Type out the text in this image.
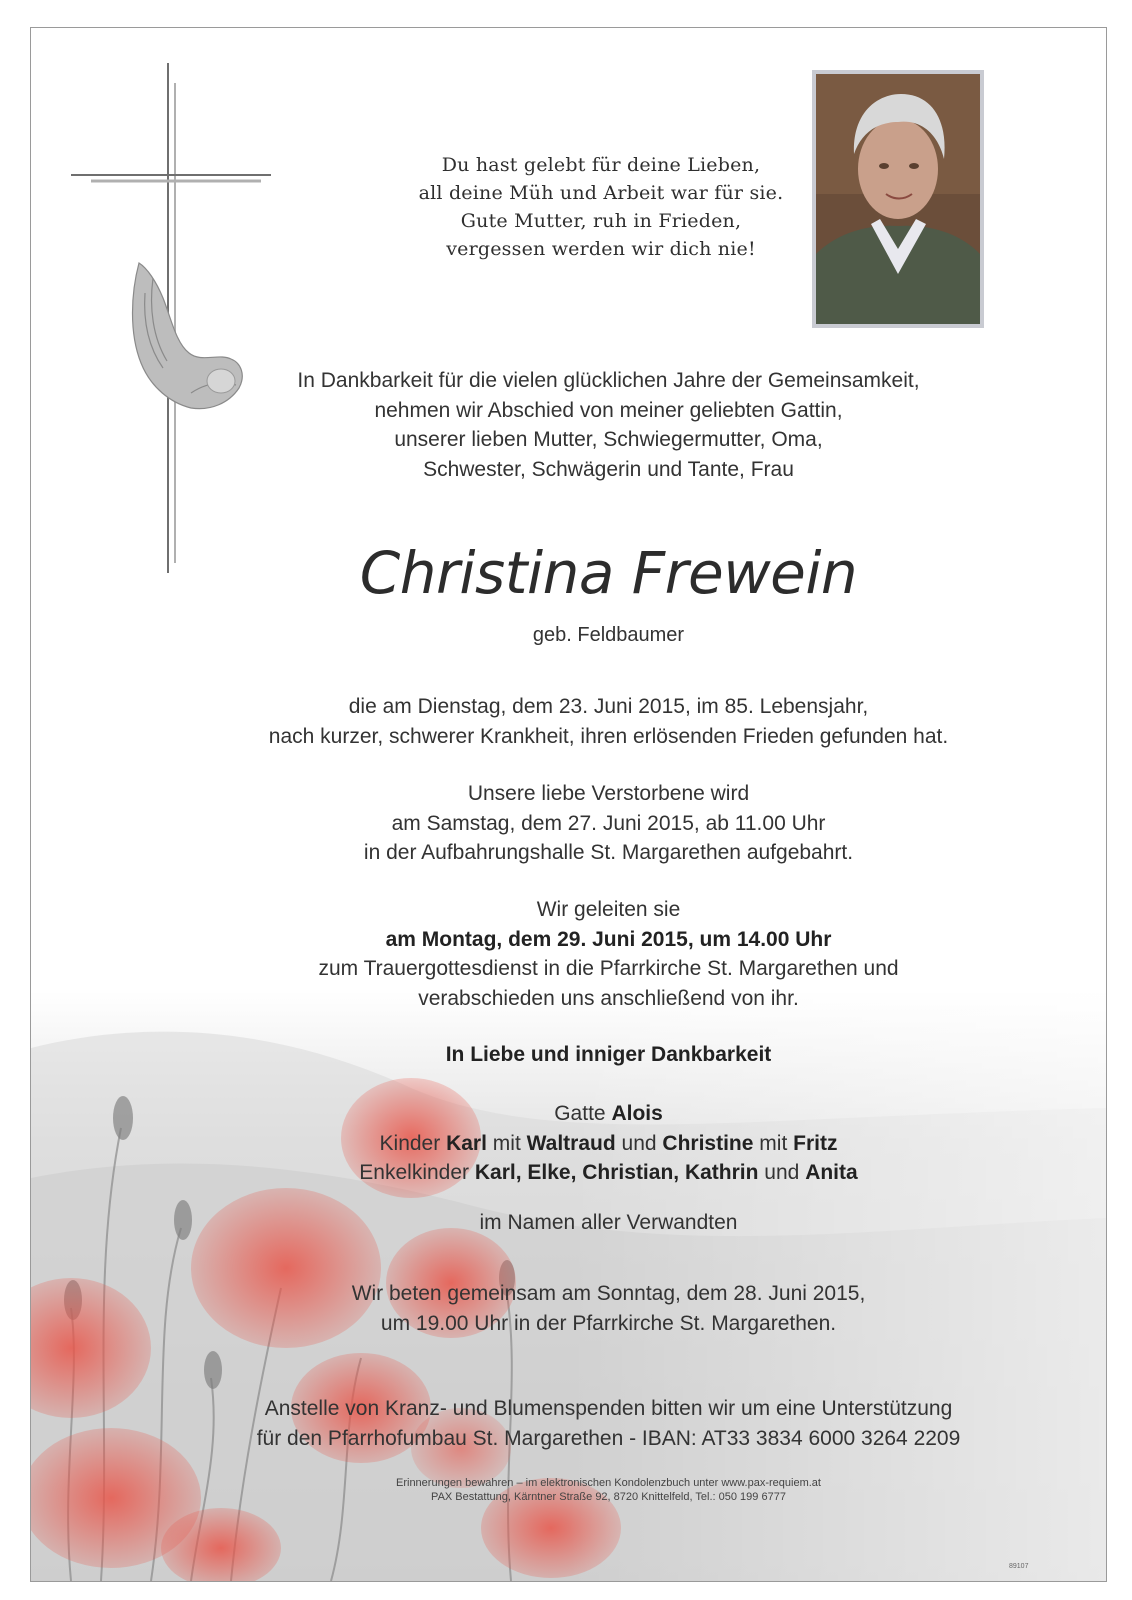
Du hast gelebt für deine Lieben,
all deine Müh und Arbeit war für sie.
Gute Mutter, ruh in Frieden,
vergessen werden wir dich nie!
In Dankbarkeit für die vielen glücklichen Jahre der Gemeinsamkeit,
nehmen wir Abschied von meiner geliebten Gattin,
unserer lieben Mutter, Schwiegermutter, Oma,
Schwester, Schwägerin und Tante, Frau
Christina Frewein
geb. Feldbaumer
die am Dienstag, dem 23. Juni 2015, im 85. Lebensjahr,
nach kurzer, schwerer Krankheit, ihren erlösenden Frieden gefunden hat.
Unsere liebe Verstorbene wird
am Samstag, dem 27. Juni 2015, ab 11.00 Uhr
in der Aufbahrungshalle St. Margarethen aufgebahrt.
Wir geleiten sie
am Montag, dem 29. Juni 2015, um 14.00 Uhr
zum Trauergottesdienst in die Pfarrkirche St. Margarethen und
verabschieden uns anschließend von ihr.
In Liebe und inniger Dankbarkeit
Gatte Alois
Kinder Karl mit Waltraud und Christine mit Fritz
Enkelkinder Karl, Elke, Christian, Kathrin und Anita
im Namen aller Verwandten
Wir beten gemeinsam am Sonntag, dem 28. Juni 2015,
um 19.00 Uhr in der Pfarrkirche St. Margarethen.
Anstelle von Kranz- und Blumenspenden bitten wir um eine Unterstützung
für den Pfarrhofumbau St. Margarethen - IBAN: AT33 3834 6000 3264 2209
Erinnerungen bewahren – im elektronischen Kondolenzbuch unter www.pax-requiem.at
PAX Bestattung, Kärntner Straße 92, 8720 Knittelfeld, Tel.: 050 199 6777
89107
